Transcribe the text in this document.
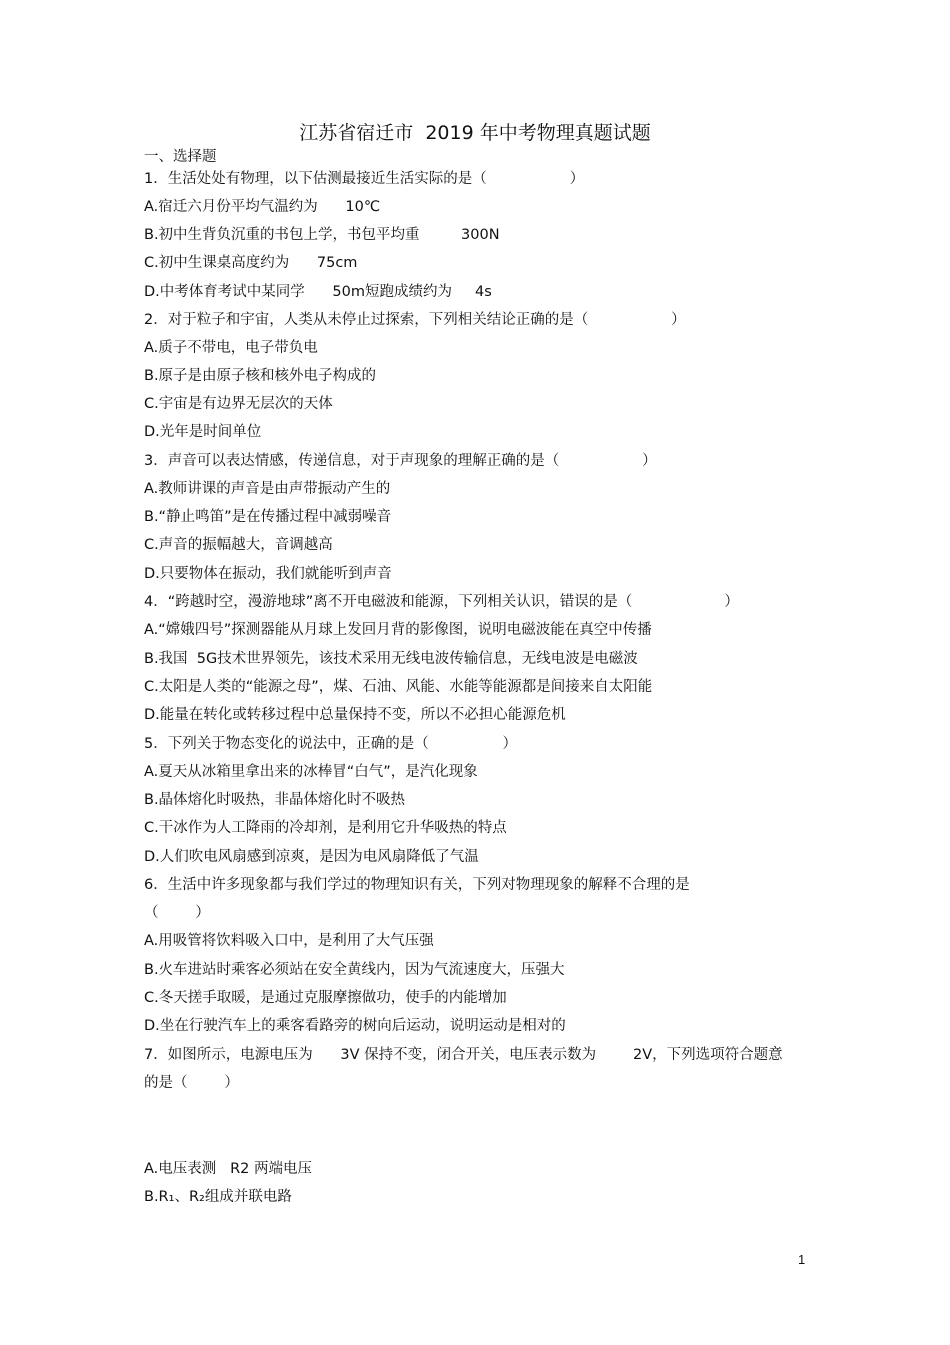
江苏省宿迁市  2019 年中考物理真题试题
一、选择题
1．生活处处有物理，以下估测最接近生活实际的是（                  ）
A.宿迁六月份平均气温约为      10℃
B.初中生背负沉重的书包上学，书包平均重         300N
C.初中生课桌高度约为      75cm
D.中考体育考试中某同学      50m短跑成绩约为     4s
2．对于粒子和宇宙，人类从未停止过探索，下列相关结论正确的是（                  ）
A.质子不带电，电子带负电
B.原子是由原子核和核外电子构成的
C.宇宙是有边界无层次的天体
D.光年是时间单位
3．声音可以表达情感，传递信息，对于声现象的理解正确的是（                  ）
A.教师讲课的声音是由声带振动产生的
B.“静止鸣笛”是在传播过程中减弱噪音
C.声音的振幅越大，音调越高
D.只要物体在振动，我们就能听到声音
4．“跨越时空，漫游地球”离不开电磁波和能源，下列相关认识，错误的是（                    ）
A.“嫦娥四号”探测器能从月球上发回月背的影像图，说明电磁波能在真空中传播
B.我国  5G技术世界领先，该技术采用无线电波传输信息，无线电波是电磁波
C.太阳是人类的“能源之母”，煤、石油、风能、水能等能源都是间接来自太阳能
D.能量在转化或转移过程中总量保持不变，所以不必担心能源危机
5．下列关于物态变化的说法中，正确的是（                ）
A.夏天从冰箱里拿出来的冰棒冒“白气”，是汽化现象
B.晶体熔化时吸热，非晶体熔化时不吸热
C.干冰作为人工降雨的冷却剂，是利用它升华吸热的特点
D.人们吹电风扇感到凉爽，是因为电风扇降低了气温
6．生活中许多现象都与我们学过的物理知识有关，下列对物理现象的解释不合理的是
（        ）
A.用吸管将饮料吸入口中，是利用了大气压强
B.火车进站时乘客必须站在安全黄线内，因为气流速度大，压强大
C.冬天搓手取暖，是通过克服摩擦做功，使手的内能增加
D.坐在行驶汽车上的乘客看路旁的树向后运动，说明运动是相对的
7．如图所示，电源电压为      3V 保持不变，闭合开关，电压表示数为        2V，下列选项符合题意
的是（        ）
A.电压表测   R2 两端电压
B.R₁、R₂组成并联电路
1
